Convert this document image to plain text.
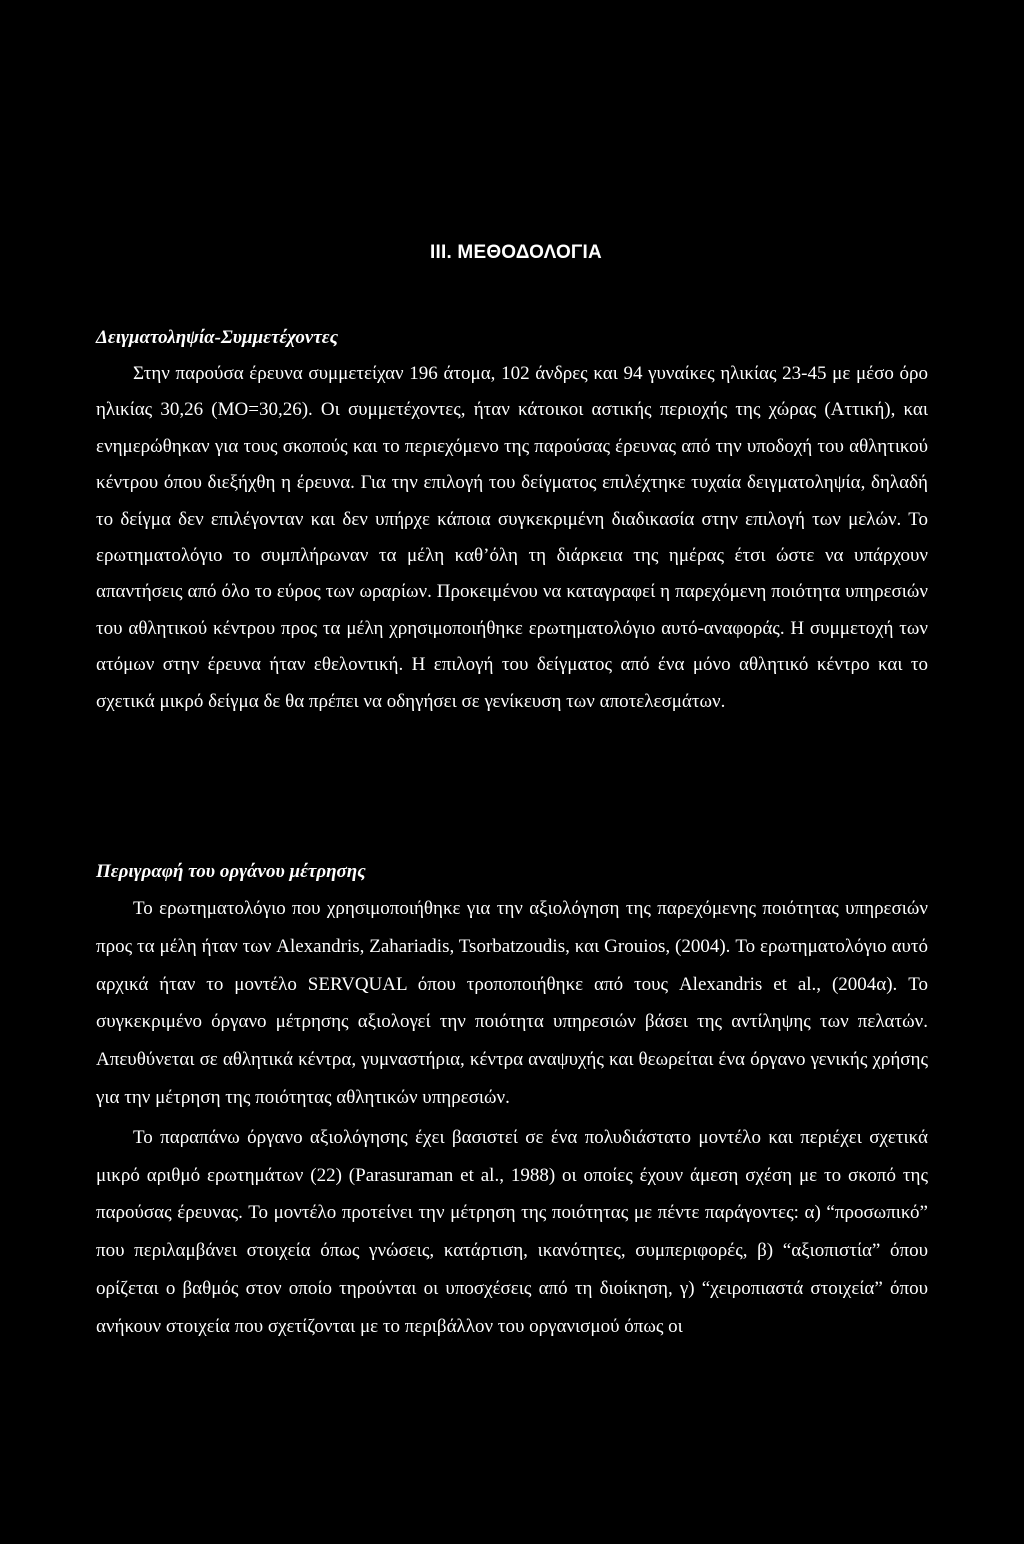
ΙΙΙ. ΜΕΘΟΔΟΛΟΓΙΑ
Δειγματοληψία-Συμμετέχοντες

Στην παρούσα έρευνα συμμετείχαν 196 άτομα, 102 άνδρες και 94 γυναίκες ηλικίας 23-45 με μέσο όρο ηλικίας 30,26 (ΜΟ=30,26). Οι συμμετέχοντες, ήταν κάτοικοι αστικής περιοχής της χώρας (Αττική), και ενημερώθηκαν για τους σκοπούς και το περιεχόμενο της παρούσας έρευνας από την υποδοχή του αθλητικού κέντρου όπου διεξήχθη η έρευνα. Για την επιλογή του δείγματος επιλέχτηκε τυχαία δειγματοληψία, δηλαδή το δείγμα δεν επιλέγονταν και δεν υπήρχε κάποια συγκεκριμένη διαδικασία στην επιλογή των μελών. Το ερωτηματολόγιο το συμπλήρωναν τα μέλη καθ’όλη τη διάρκεια της ημέρας έτσι ώστε να υπάρχουν απαντήσεις από όλο το εύρος των ωραρίων. Προκειμένου να καταγραφεί η παρεχόμενη ποιότητα υπηρεσιών του αθλητικού κέντρου προς τα μέλη χρησιμοποιήθηκε ερωτηματολόγιο αυτό-αναφοράς. Η συμμετοχή των ατόμων στην έρευνα ήταν εθελοντική. Η επιλογή του δείγματος από ένα μόνο αθλητικό κέντρο και το σχετικά μικρό δείγμα δε θα πρέπει να οδηγήσει σε γενίκευση των αποτελεσμάτων.

Περιγραφή του οργάνου μέτρησης

Το ερωτηματολόγιο που χρησιμοποιήθηκε για την αξιολόγηση της παρεχόμενης ποιότητας υπηρεσιών προς τα μέλη ήταν των Alexandris, Zahariadis, Tsorbatzoudis, και Grouios, (2004). Το ερωτηματολόγιο αυτό αρχικά ήταν το μοντέλο SERVQUAL όπου τροποποιήθηκε από τους Alexandris et al., (2004α). Το συγκεκριμένο όργανο μέτρησης αξιολογεί την ποιότητα υπηρεσιών βάσει της αντίληψης των πελατών. Απευθύνεται σε αθλητικά κέντρα, γυμναστήρια, κέντρα αναψυχής και θεωρείται ένα όργανο γενικής χρήσης για την μέτρηση της ποιότητας αθλητικών υπηρεσιών.

Το παραπάνω όργανο αξιολόγησης έχει βασιστεί σε ένα πολυδιάστατο μοντέλο και περιέχει σχετικά μικρό αριθμό ερωτημάτων (22) (Parasuraman et al., 1988) οι οποίες έχουν άμεση σχέση με το σκοπό της παρούσας έρευνας. Το μοντέλο προτείνει την μέτρηση της ποιότητας με πέντε παράγοντες: α) “προσωπικό” που περιλαμβάνει στοιχεία όπως γνώσεις, κατάρτιση, ικανότητες, συμπεριφορές, β) “αξιοπιστία” όπου ορίζεται ο βαθμός στον οποίο τηρούνται οι υποσχέσεις από τη διοίκηση, γ) “χειροπιαστά στοιχεία” όπου ανήκουν στοιχεία που σχετίζονται με το περιβάλλον του οργανισμού όπως οι
